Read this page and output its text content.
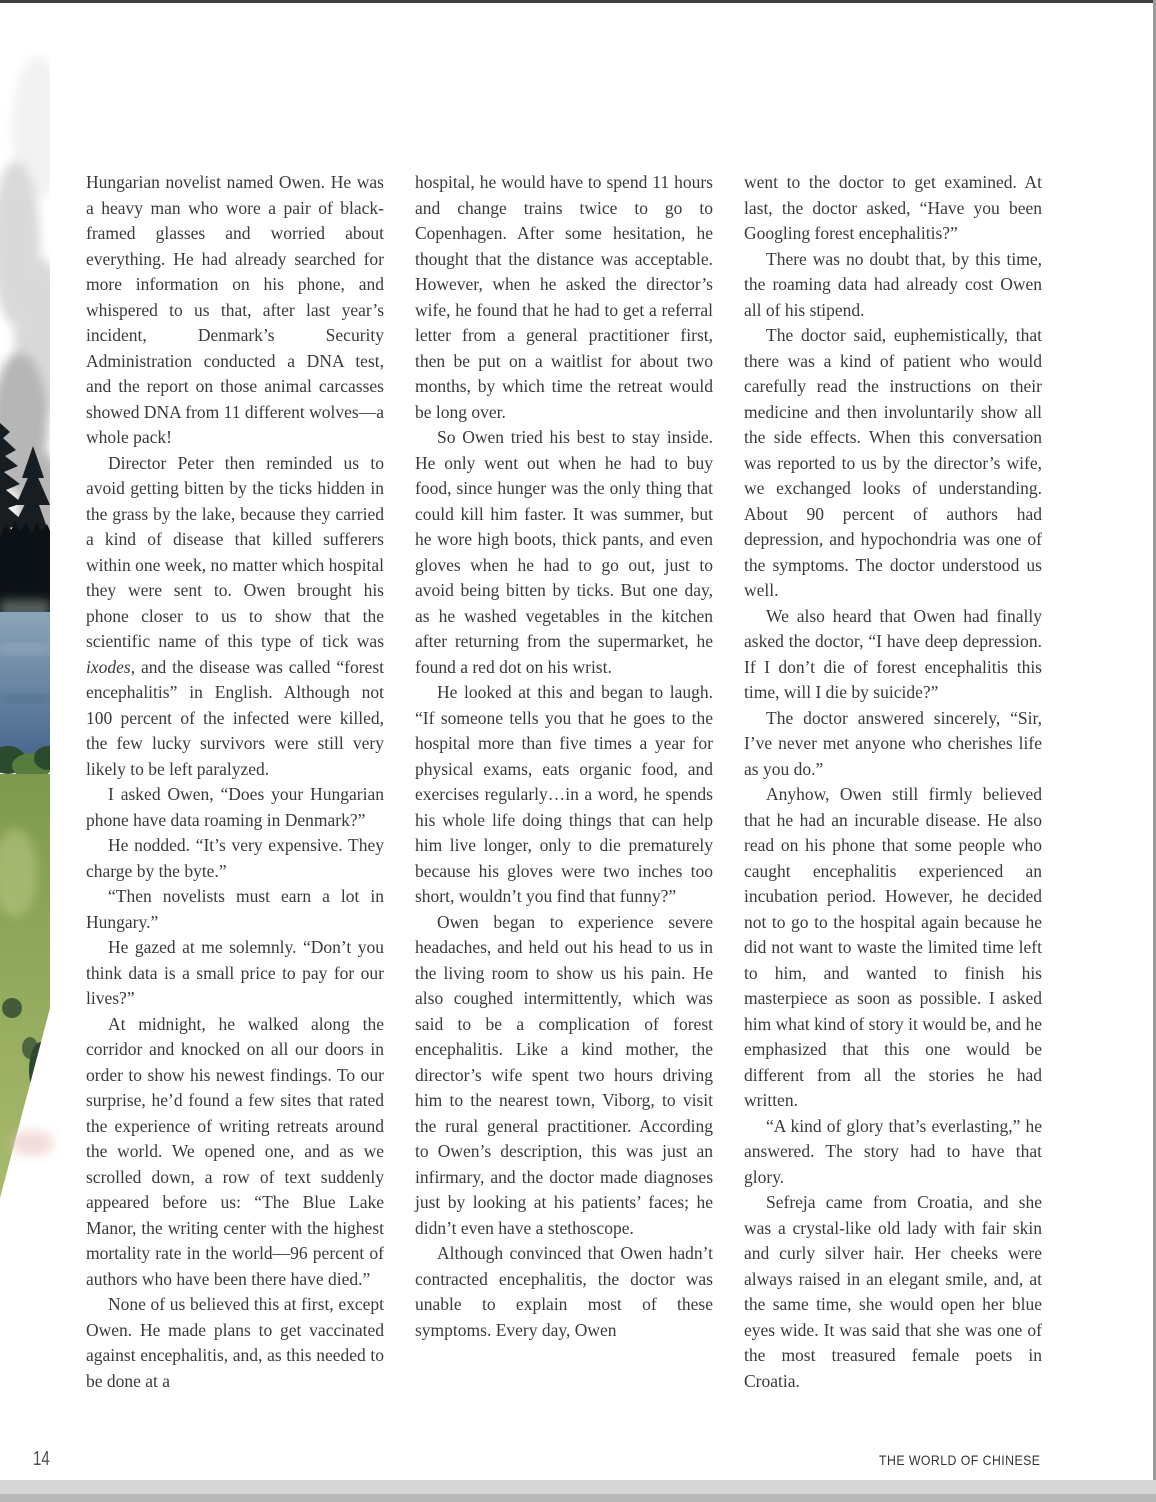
Hungarian novelist named Owen. He was a heavy man who wore a pair of black-framed glasses and worried about everything. He had already searched for more information on his phone, and whispered to us that, after last year’s incident, Denmark’s Security Administration conducted a DNA test, and the report on those animal carcasses showed DNA from 11 different wolves—a whole pack!

Director Peter then reminded us to avoid getting bitten by the ticks hidden in the grass by the lake, because they carried a kind of disease that killed sufferers within one week, no matter which hospital they were sent to. Owen brought his phone closer to us to show that the scientific name of this type of tick was ixodes, and the disease was called “forest encephalitis” in English. Although not 100 percent of the infected were killed, the few lucky survivors were still very likely to be left paralyzed.

I asked Owen, “Does your Hungarian phone have data roaming in Denmark?”

He nodded. “It’s very expensive. They charge by the byte.”

“Then novelists must earn a lot in Hungary.”

He gazed at me solemnly. “Don’t you think data is a small price to pay for our lives?”

At midnight, he walked along the corridor and knocked on all our doors in order to show his newest findings. To our surprise, he’d found a few sites that rated the experience of writing retreats around the world. We opened one, and as we scrolled down, a row of text suddenly appeared before us: “The Blue Lake Manor, the writing center with the highest mortality rate in the world—96 percent of authors who have been there have died.”

None of us believed this at first, except Owen. He made plans to get vaccinated against encephalitis, and, as this needed to be done at a

hospital, he would have to spend 11 hours and change trains twice to go to Copenhagen. After some hesitation, he thought that the distance was acceptable. However, when he asked the director’s wife, he found that he had to get a referral letter from a general practitioner first, then be put on a waitlist for about two months, by which time the retreat would be long over.

So Owen tried his best to stay inside. He only went out when he had to buy food, since hunger was the only thing that could kill him faster. It was summer, but he wore high boots, thick pants, and even gloves when he had to go out, just to avoid being bitten by ticks. But one day, as he washed vegetables in the kitchen after returning from the supermarket, he found a red dot on his wrist.

He looked at this and began to laugh. “If someone tells you that he goes to the hospital more than five times a year for physical exams, eats organic food, and exercises regularly…in a word, he spends his whole life doing things that can help him live longer, only to die prematurely because his gloves were two inches too short, wouldn’t you find that funny?”

Owen began to experience severe headaches, and held out his head to us in the living room to show us his pain. He also coughed intermittently, which was said to be a complication of forest encephalitis. Like a kind mother, the director’s wife spent two hours driving him to the nearest town, Viborg, to visit the rural general practitioner. According to Owen’s description, this was just an infirmary, and the doctor made diagnoses just by looking at his patients’ faces; he didn’t even have a stethoscope.

Although convinced that Owen hadn’t contracted encephalitis, the doctor was unable to explain most of these symptoms. Every day, Owen

went to the doctor to get examined. At last, the doctor asked, “Have you been Googling forest encephalitis?”

There was no doubt that, by this time, the roaming data had already cost Owen all of his stipend.

The doctor said, euphemistically, that there was a kind of patient who would carefully read the instructions on their medicine and then involuntarily show all the side effects. When this conversation was reported to us by the director’s wife, we exchanged looks of understanding. About 90 percent of authors had depression, and hypochondria was one of the symptoms. The doctor understood us well.

We also heard that Owen had finally asked the doctor, “I have deep depression. If I don’t die of forest encephalitis this time, will I die by suicide?”

The doctor answered sincerely, “Sir, I’ve never met anyone who cherishes life as you do.”

Anyhow, Owen still firmly believed that he had an incurable disease. He also read on his phone that some people who caught encephalitis experienced an incubation period. However, he decided not to go to the hospital again because he did not want to waste the limited time left to him, and wanted to finish his masterpiece as soon as possible. I asked him what kind of story it would be, and he emphasized that this one would be different from all the stories he had written.

“A kind of glory that’s everlasting,” he answered. The story had to have that glory.

Sefreja came from Croatia, and she was a crystal-like old lady with fair skin and curly silver hair. Her cheeks were always raised in an elegant smile, and, at the same time, she would open her blue eyes wide. It was said that she was one of the most treasured female poets in Croatia.

14	THE WORLD OF CHINESE
